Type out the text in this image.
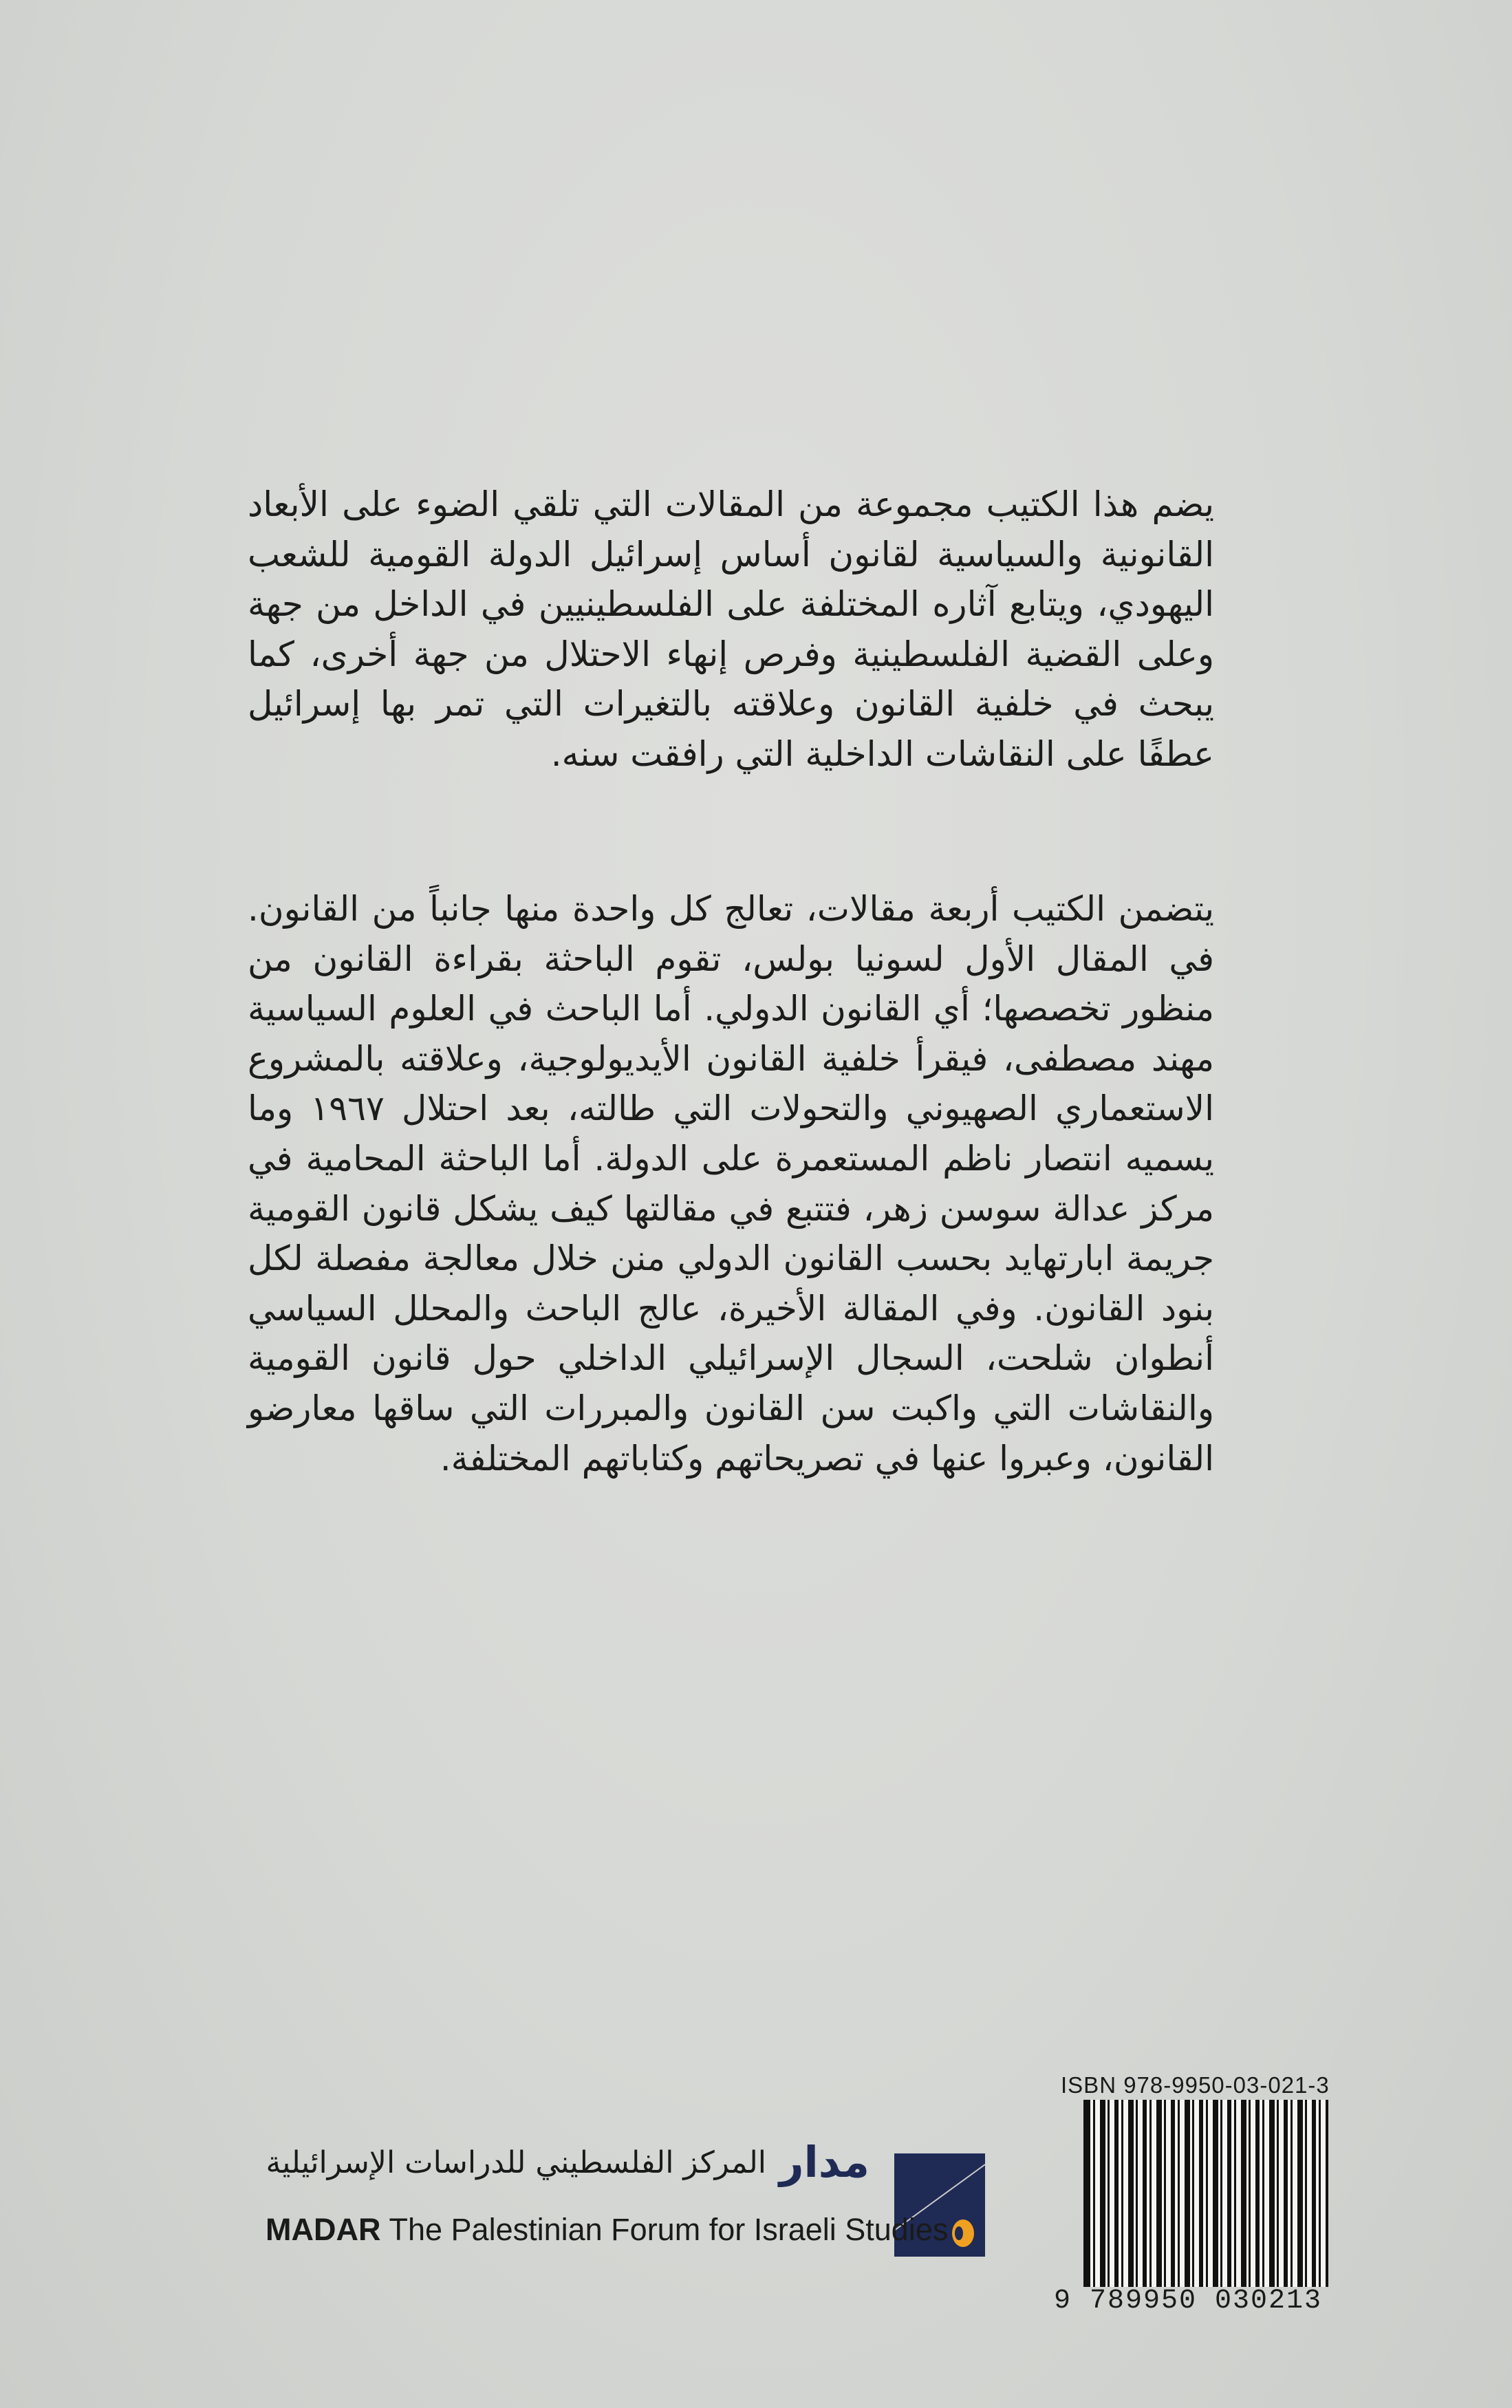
يضم هذا الكتيب مجموعة من المقالات التي تلقي الضوء على الأبعاد القانونية والسياسية لقانون أساس إسرائيل الدولة القومية للشعب اليهودي، ويتابع آثاره المختلفة على الفلسطينيين في الداخل من جهة وعلى القضية الفلسطينية وفرص إنهاء الاحتلال من جهة أخرى، كما يبحث في خلفية القانون وعلاقته بالتغيرات التي تمر بها إسرائيل عطفًا على النقاشات الداخلية التي رافقت سنه.

يتضمن الكتيب أربعة مقالات، تعالج كل واحدة منها جانباً من القانون. في المقال الأول لسونيا بولس، تقوم الباحثة بقراءة القانون من منظور تخصصها؛ أي القانون الدولي. أما الباحث في العلوم السياسية مهند مصطفى، فيقرأ خلفية القانون الأيديولوجية، وعلاقته بالمشروع الاستعماري الصهيوني والتحولات التي طالته، بعد احتلال ١٩٦٧ وما يسميه انتصار ناظم المستعمرة على الدولة. أما الباحثة المحامية في مركز عدالة سوسن زهر، فتتبع في مقالتها كيف يشكل قانون القومية جريمة ابارتهايد بحسب القانون الدولي منن خلال معالجة مفصلة لكل بنود القانون. وفي المقالة الأخيرة، عالج الباحث والمحلل السياسي أنطوان شلحت، السجال الإسرائيلي الداخلي حول قانون القومية والنقاشات التي واكبت سن القانون والمبررات التي ساقها معارضو القانون، وعبروا عنها في تصريحاتهم وكتاباتهم المختلفة.

مدار
المركز الفلسطيني للدراسات الإسرائيلية
MADAR The Palestinian Forum for Israeli Studies
ISBN 978-9950-03-021-3
9 789950 030213
